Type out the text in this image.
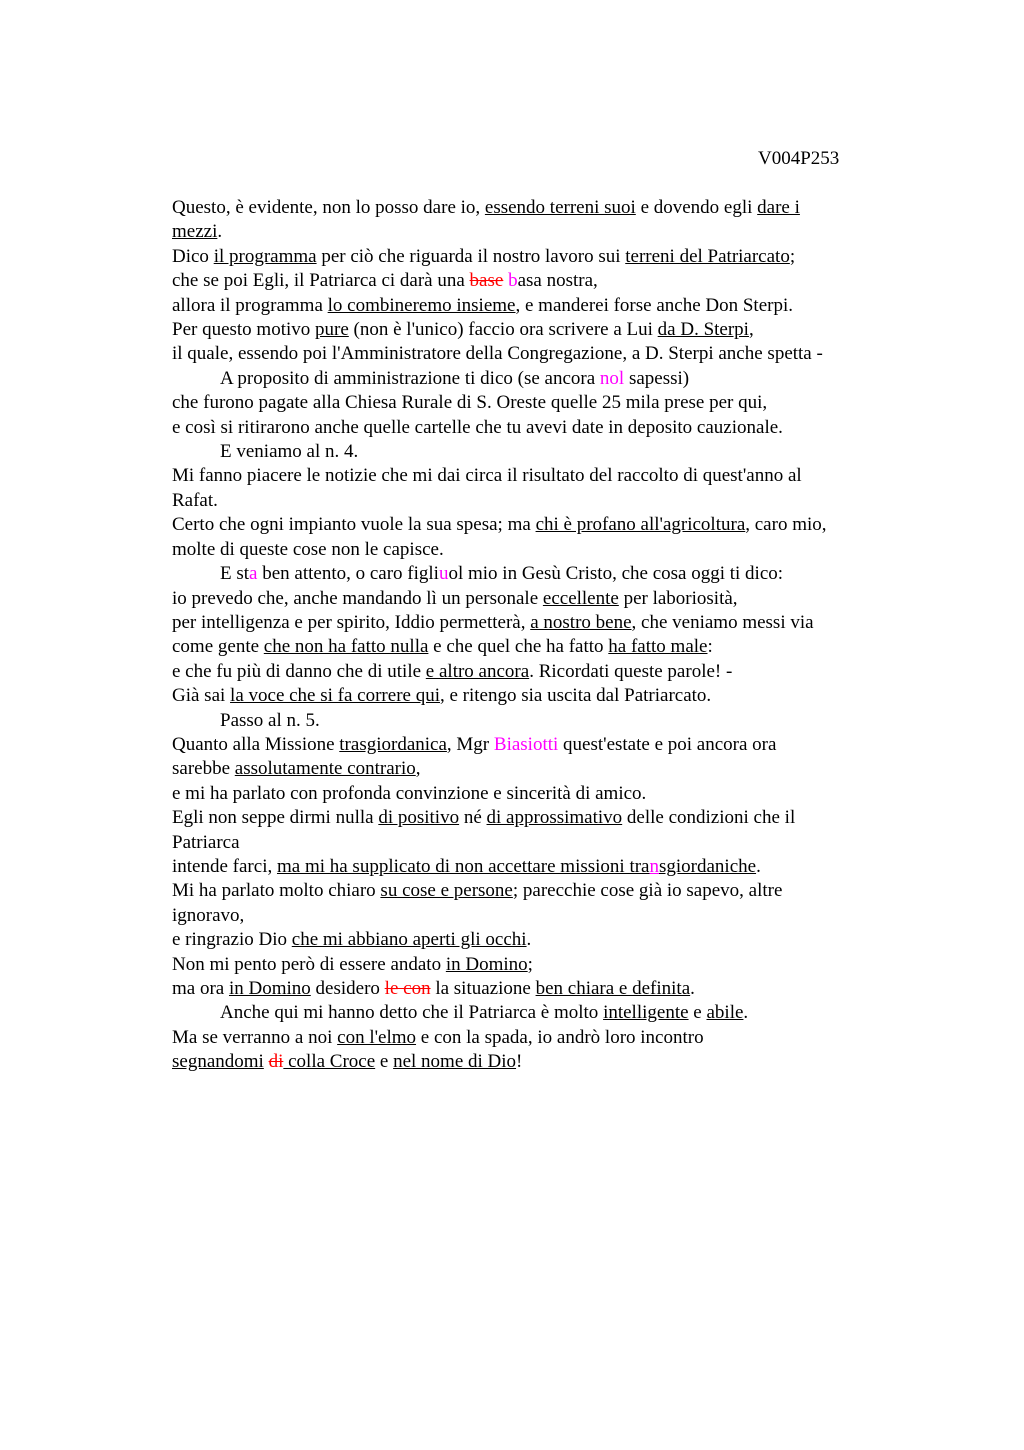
V004P253
Questo, è evidente, non lo posso dare io, essendo terreni suoi e dovendo egli dare i
mezzi.
Dico il programma per ciò che riguarda il nostro lavoro sui terreni del Patriarcato;
che se poi Egli, il Patriarca ci darà una base basa nostra,
allora il programma lo combineremo insieme, e manderei forse anche Don Sterpi.
Per questo motivo pure (non è l'unico) faccio ora scrivere a Lui da D. Sterpi,
il quale, essendo poi l'Amministratore della Congregazione, a D. Sterpi anche spetta -
A proposito di amministrazione ti dico (se ancora nol sapessi)
che furono pagate alla Chiesa Rurale di S. Oreste quelle 25 mila prese per qui,
e così si ritirarono anche quelle cartelle che tu avevi date in deposito cauzionale.
E veniamo al n. 4.
Mi fanno piacere le notizie che mi dai circa il risultato del raccolto di quest'anno al
Rafat.
Certo che ogni impianto vuole la sua spesa; ma chi è profano all'agricoltura, caro mio,
molte di queste cose non le capisce.
E sta ben attento, o caro figliuol mio in Gesù Cristo, che cosa oggi ti dico:
io prevedo che, anche mandando lì un personale eccellente per laboriosità,
per intelligenza e per spirito, Iddio permetterà, a nostro bene, che veniamo messi via
come gente che non ha fatto nulla e che quel che ha fatto ha fatto male:
e che fu più di danno che di utile e altro ancora. Ricordati queste parole! -
Già sai la voce che si fa correre qui, e ritengo sia uscita dal Patriarcato.
Passo al n. 5.
Quanto alla Missione trasgiordanica, Mgr Biasiotti quest'estate e poi ancora ora
sarebbe assolutamente contrario,
e mi ha parlato con profonda convinzione e sincerità di amico.
Egli non seppe dirmi nulla di positivo né di approssimativo delle condizioni che il
Patriarca
intende farci, ma mi ha supplicato di non accettare missioni transgiordaniche.
Mi ha parlato molto chiaro su cose e persone; parecchie cose già io sapevo, altre
ignoravo,
e ringrazio Dio che mi abbiano aperti gli occhi.
Non mi pento però di essere andato in Domino;
ma ora in Domino desidero le con la situazione ben chiara e definita.
Anche qui mi hanno detto che il Patriarca è molto intelligente e abile.
Ma se verranno a noi con l'elmo e con la spada, io andrò loro incontro
segnandomi di colla Croce e nel nome di Dio!
